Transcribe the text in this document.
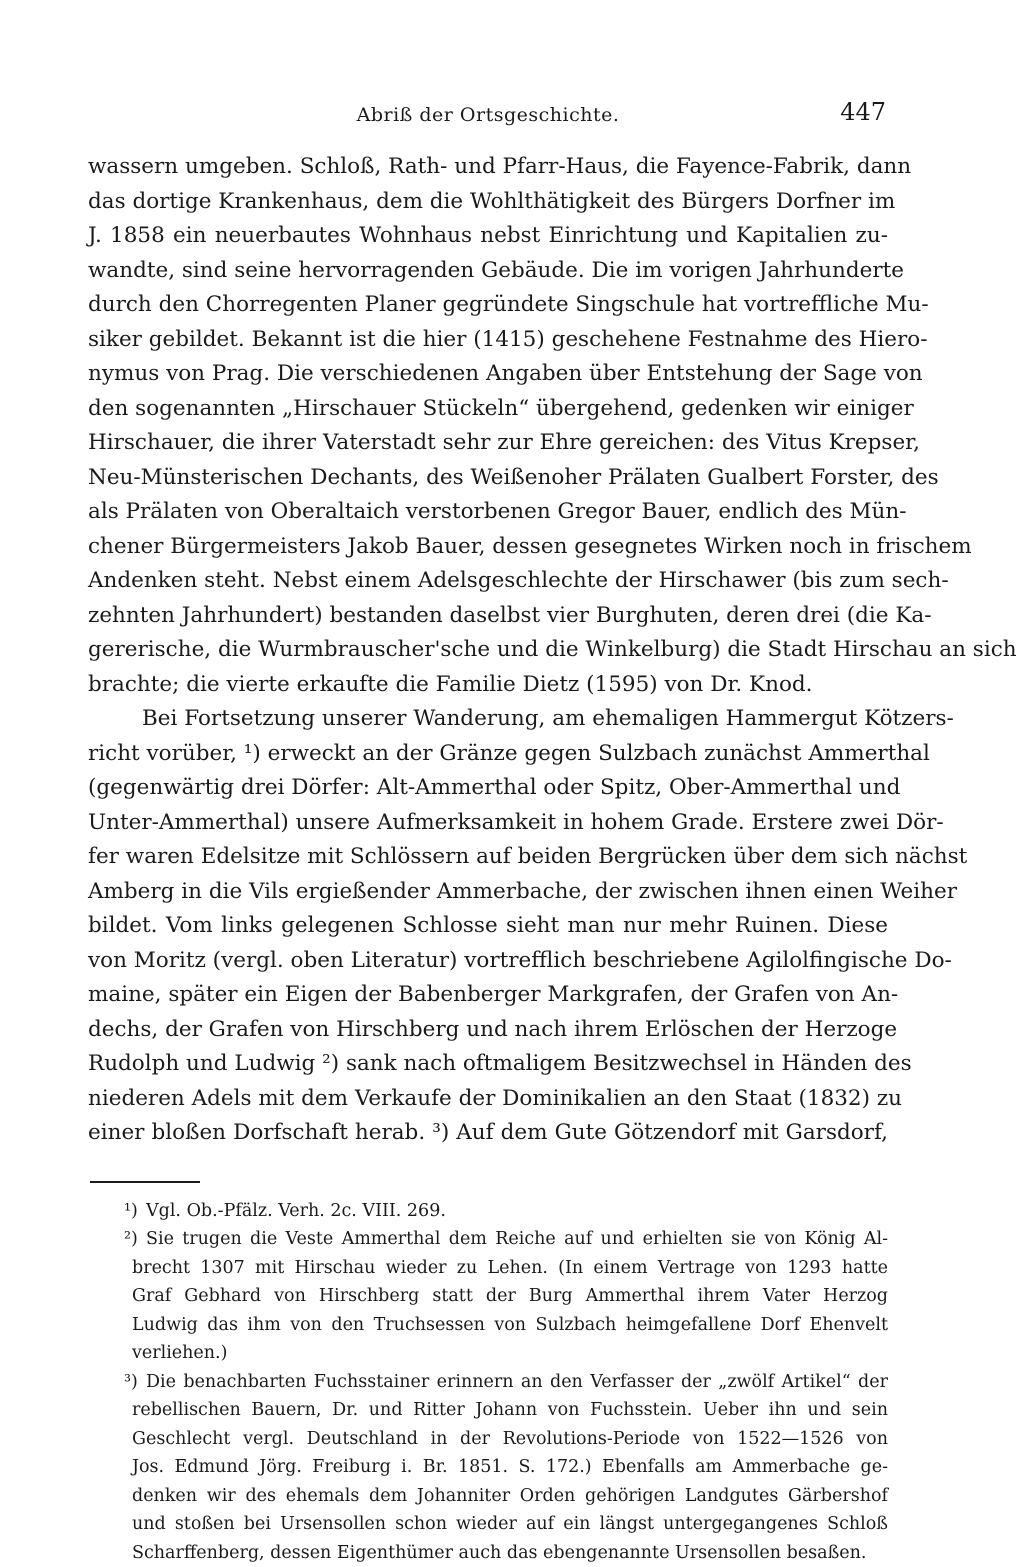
Abriß der Ortsgeschichte.	447
wassern umgeben. Schloß, Rath- und Pfarr-Haus, die Fayence-Fabrik, dann
das dortige Krankenhaus, dem die Wohlthätigkeit des Bürgers Dorfner im
J. 1858 ein neuerbautes Wohnhaus nebst Einrichtung und Kapitalien zu-
wandte, sind seine hervorragenden Gebäude. Die im vorigen Jahrhunderte
durch den Chorregenten Planer gegründete Singschule hat vortreffliche Mu-
siker gebildet. Bekannt ist die hier (1415) geschehene Festnahme des Hiero-
nymus von Prag. Die verschiedenen Angaben über Entstehung der Sage von
den sogenannten „Hirschauer Stückeln“ übergehend, gedenken wir einiger
Hirschauer, die ihrer Vaterstadt sehr zur Ehre gereichen: des Vitus Krepser,
Neu-Münsterischen Dechants, des Weißenoher Prälaten Gualbert Forster, des
als Prälaten von Oberaltaich verstorbenen Gregor Bauer, endlich des Mün-
chener Bürgermeisters Jakob Bauer, dessen gesegnetes Wirken noch in frischem
Andenken steht. Nebst einem Adelsgeschlechte der Hirschawer (bis zum sech-
zehnten Jahrhundert) bestanden daselbst vier Burghuten, deren drei (die Ka-
gererische, die Wurmbrauscher'sche und die Winkelburg) die Stadt Hirschau an sich
brachte; die vierte erkaufte die Familie Dietz (1595) von Dr. Knod.
Bei Fortsetzung unserer Wanderung, am ehemaligen Hammergut Kötzers-
richt vorüber, ¹) erweckt an der Gränze gegen Sulzbach zunächst Ammerthal
(gegenwärtig drei Dörfer: Alt-Ammerthal oder Spitz, Ober-Ammerthal und
Unter-Ammerthal) unsere Aufmerksamkeit in hohem Grade. Erstere zwei Dör-
fer waren Edelsitze mit Schlössern auf beiden Bergrücken über dem sich nächst
Amberg in die Vils ergießender Ammerbache, der zwischen ihnen einen Weiher
bildet. Vom links gelegenen Schlosse sieht man nur mehr Ruinen. Diese
von Moritz (vergl. oben Literatur) vortrefflich beschriebene Agilolfingische Do-
maine, später ein Eigen der Babenberger Markgrafen, der Grafen von An-
dechs, der Grafen von Hirschberg und nach ihrem Erlöschen der Herzoge
Rudolph und Ludwig ²) sank nach oftmaligem Besitzwechsel in Händen des
niederen Adels mit dem Verkaufe der Dominikalien an den Staat (1832) zu
einer bloßen Dorfschaft herab. ³) Auf dem Gute Götzendorf mit Garsdorf,
¹) Vgl. Ob.-Pfälz. Verh. 2c. VIII. 269.
²) Sie trugen die Veste Ammerthal dem Reiche auf und erhielten sie von König Al-
brecht 1307 mit Hirschau wieder zu Lehen. (In einem Vertrage von 1293 hatte
Graf Gebhard von Hirschberg statt der Burg Ammerthal ihrem Vater Herzog
Ludwig das ihm von den Truchsessen von Sulzbach heimgefallene Dorf Ehenvelt
verliehen.)
³) Die benachbarten Fuchsstainer erinnern an den Verfasser der „zwölf Artikel“ der
rebellischen Bauern, Dr. und Ritter Johann von Fuchsstein. Ueber ihn und sein
Geschlecht vergl. Deutschland in der Revolutions-Periode von 1522—1526 von
Jos. Edmund Jörg. Freiburg i. Br. 1851. S. 172.) Ebenfalls am Ammerbache ge-
denken wir des ehemals dem Johanniter Orden gehörigen Landgutes Gärbershof
und stoßen bei Ursensollen schon wieder auf ein längst untergegangenes Schloß
Scharffenberg, dessen Eigenthümer auch das ebengenannte Ursensollen besaßen.
